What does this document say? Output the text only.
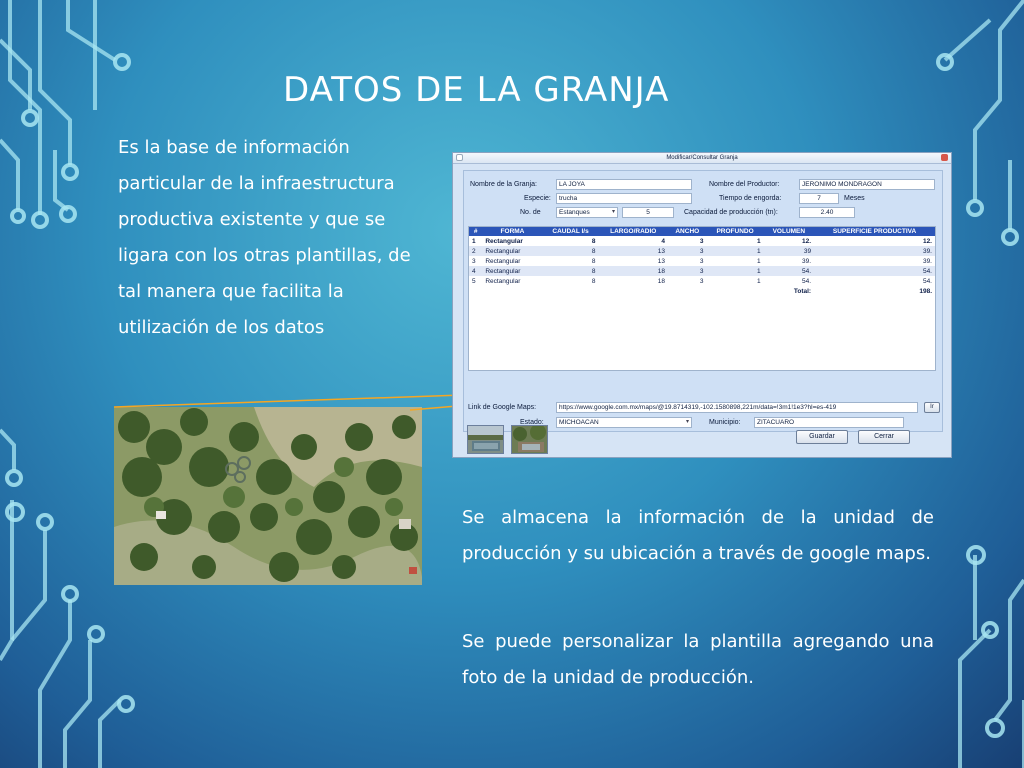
DATOS DE LA GRANJA
Es la base de información particular de la infraestructura productiva existente y que se ligara con los otras plantillas, de tal manera que facilita la utilización de los datos
Modificar/Consultar Granja
Nombre de la Granja:	LA JOYA	Nombre del Productor:	JERONIMO MONDRAGON
Especie:	trucha	Tiempo de engorda:	7	Meses
No. de	Estanques ▾	5	Capacidad de producción (tn):	2.40
#	FORMA	CAUDAL l/s	LARGO/RADIO	ANCHO	PROFUNDO	VOLUMEN	SUPERFICIE PRODUCTIVA
1	Rectangular	8	4	3	1	12.	12.
2	Rectangular	8	13	3	1	39	39.
3	Rectangular	8	13	3	1	39.	39.
4	Rectangular	8	18	3	1	54.	54.
5	Rectangular	8	18	3	1	54.	54.
						Total:	198.
Link de Google Maps:	https://www.google.com.mx/maps/@19.8714319,-102.1580898,221m/data=!3m1!1e3?hl=es-419	Ir
Estado:	MICHOACAN ▾	Municipio:	ZITACUARO
Guardar	Cerrar
Se almacena la información de la unidad de producción y su ubicación a través de google maps.
Se puede personalizar la plantilla agregando una foto de la unidad de producción.
